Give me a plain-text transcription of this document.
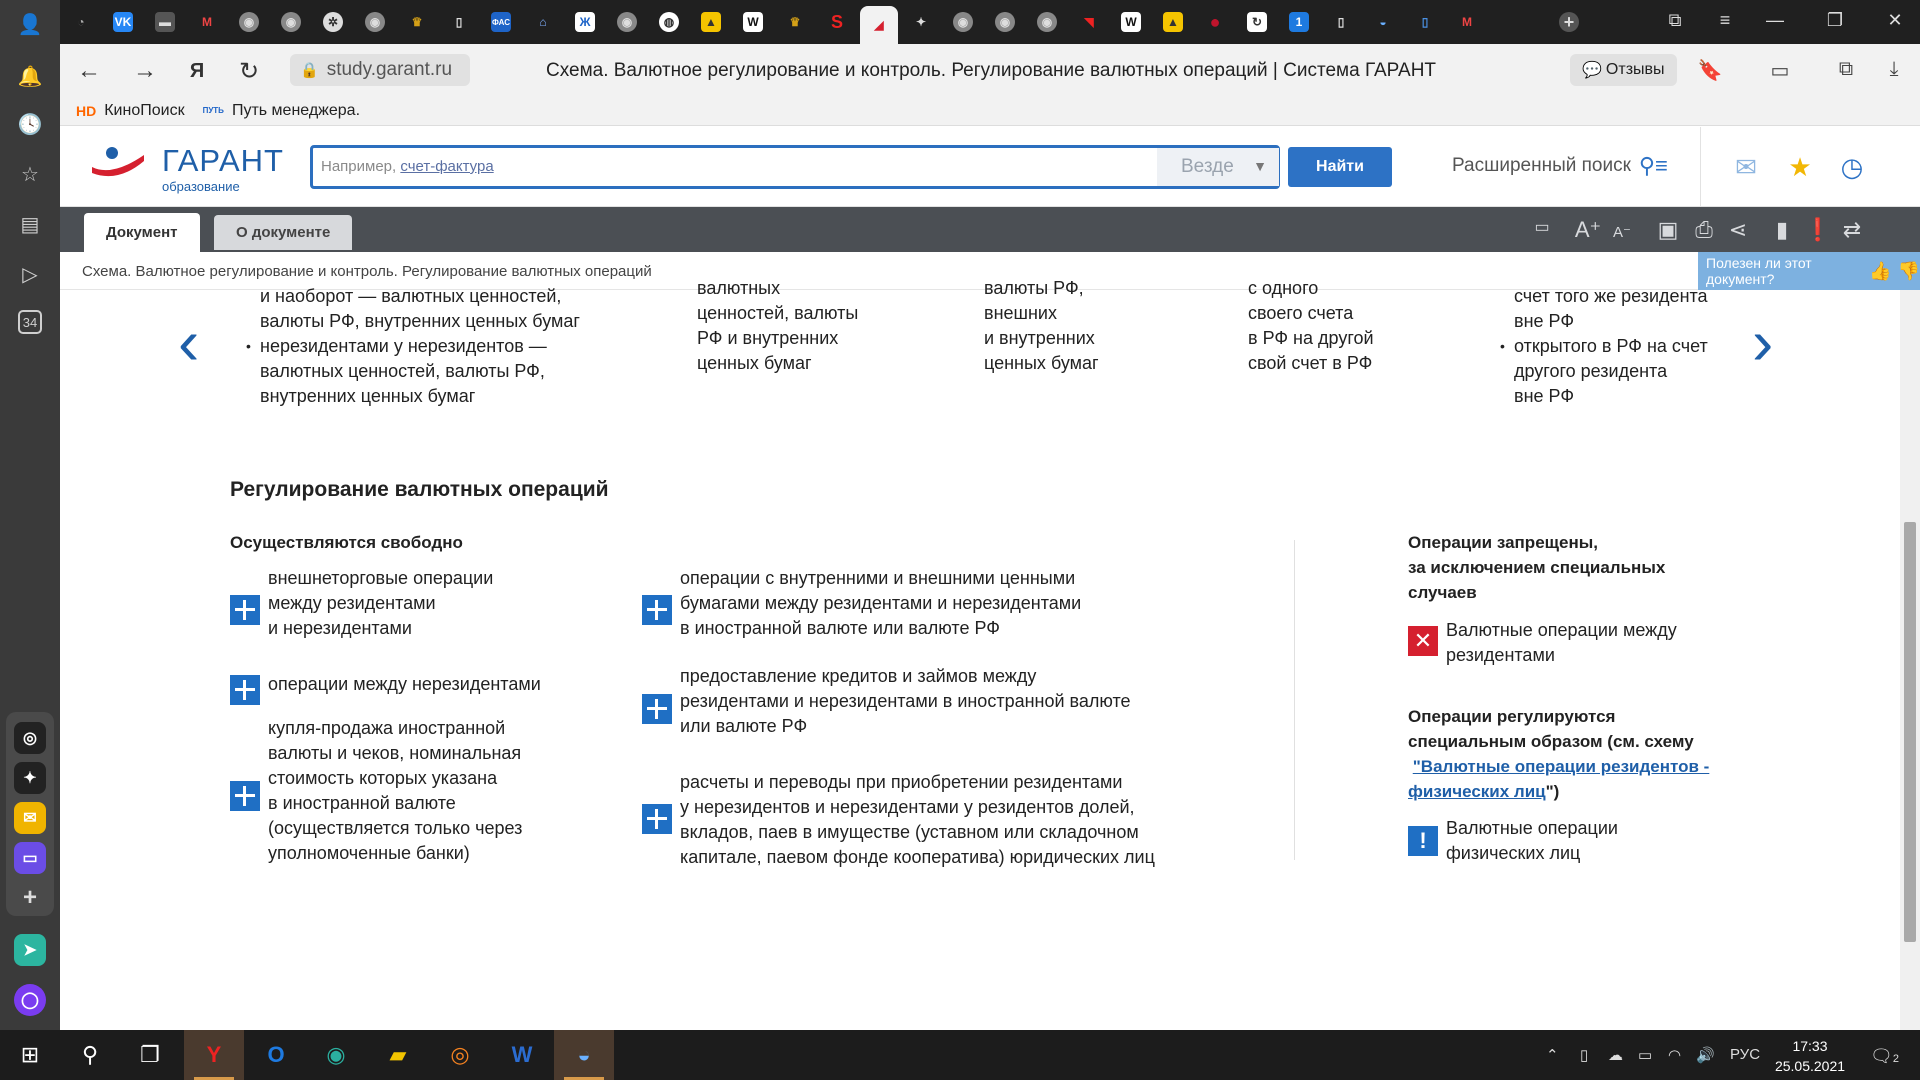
👤
🔔
🕓
☆
▤
▷
34
◎
✦
✉
▭
+
➤
◯
◔	VK	▬	M	◉	◉	✲	◉	♛	▯	ФАС	⌂	Ж	◉	◍	▲	W	♛ S	◢	✦	◉	◉	◉	◥	W	▲ ●	↻	1	▯	◒	▯	M	+	⧉	≡	—	❐	✕
← →	Я	↻	🔒 study.garant.ru	Схема. Валютное регулирование и контроль. Регулирование валютных операций | Система ГАРАНТ	💬 Отзывы 🔖 ▭	⧉	⤓
HD КиноПоиск ПУТЬ Путь менеджера.
ГАРАНТ
образование
Например, счет-фактура	Везде ▼	Найти	Расширенный поиск ⚲≡	✉	★	◷
Документ	О документе	▭	A⁺ A⁻	▣ ⎙ ⋖	▮ ❗ ⇄
Схема. Валютное регулирование и контроль. Регулирование валютных операций	Полезен ли этот документ?	👍 👎
‹	›
и наоборот — валютных ценностей,
валюты РФ, внутренних ценных бумаг
• нерезидентами у нерезидентов —
валютных ценностей, валюты РФ,
внутренних ценных бумаг
валютных
ценностей, валюты
РФ и внутренних
ценных бумаг
валюты РФ,
внешних
и внутренних
ценных бумаг
с одного
своего счета
в РФ на другой
свой счет в РФ
счет того же резидента
вне РФ
• открытого в РФ на счет
другого резидента
вне РФ
Регулирование валютных операций
Осуществляются свободно
внешнеторговые операции
между резидентами
и нерезидентами
операции между нерезидентами
купля-продажа иностранной
валюты и чеков, номинальная
стоимость которых указана
в иностранной валюте
(осуществляется только через
уполномоченные банки)
операции с внутренними и внешними ценными
бумагами между резидентами и нерезидентами
в иностранной валюте или валюте РФ
предоставление кредитов и займов между
резидентами и нерезидентами в иностранной валюте
или валюте РФ
расчеты и переводы при приобретении резидентами
у нерезидентов и нерезидентами у резидентов долей,
вкладов, паев в имуществе (уставном или складочном
капитале, паевом фонде кооператива) юридических лиц
Операции запрещены,
за исключением специальных
случаев
✕ Валютные операции между
резидентами
Операции регулируются
специальным образом (см. схему
"Валютные операции резидентов -
физических лиц")
!	Валютные операции
физических лиц
⊞	⚲	❐	Y O ◉ ▰ ◎ W ◒	⌃ ▯ ☁ ▭ ◠ 🔊 РУС	17:33
25.05.2021 🗨2
